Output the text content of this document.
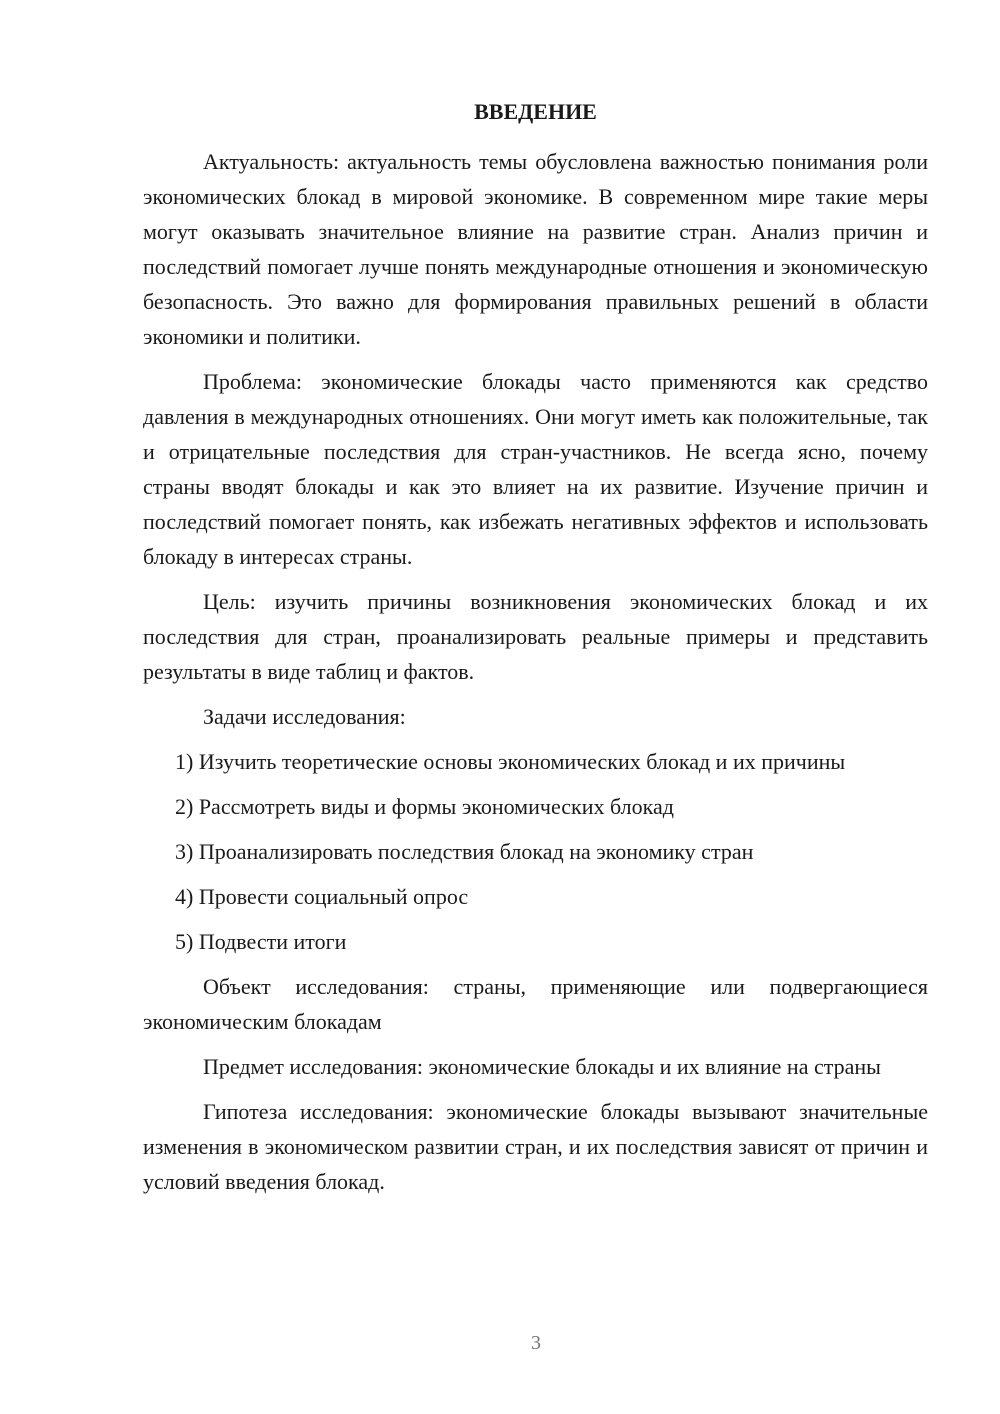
ВВЕДЕНИЕ

Актуальность: актуальность темы обусловлена важностью понимания роли экономических блокад в мировой экономике. В современном мире такие меры могут оказывать значительное влияние на развитие стран. Анализ причин и последствий помогает лучше понять международные отношения и экономическую безопасность. Это важно для формирования правильных решений в области экономики и политики.

Проблема: экономические блокады часто применяются как средство давления в международных отношениях. Они могут иметь как положительные, так и отрицательные последствия для стран-участников. Не всегда ясно, почему страны вводят блокады и как это влияет на их развитие. Изучение причин и последствий помогает понять, как избежать негативных эффектов и использовать блокаду в интересах страны.

Цель: изучить причины возникновения экономических блокад и их последствия для стран, проанализировать реальные примеры и представить результаты в виде таблиц и фактов.

Задачи исследования:

1) Изучить теоретические основы экономических блокад и их причины
2) Рассмотреть виды и формы экономических блокад
3) Проанализировать последствия блокад на экономику стран
4) Провести социальный опрос
5) Подвести итоги

Объект исследования: страны, применяющие или подвергающиеся экономическим блокадам

Предмет исследования: экономические блокады и их влияние на страны

Гипотеза исследования: экономические блокады вызывают значительные изменения в экономическом развитии стран, и их последствия зависят от причин и условий введения блокад.

3
